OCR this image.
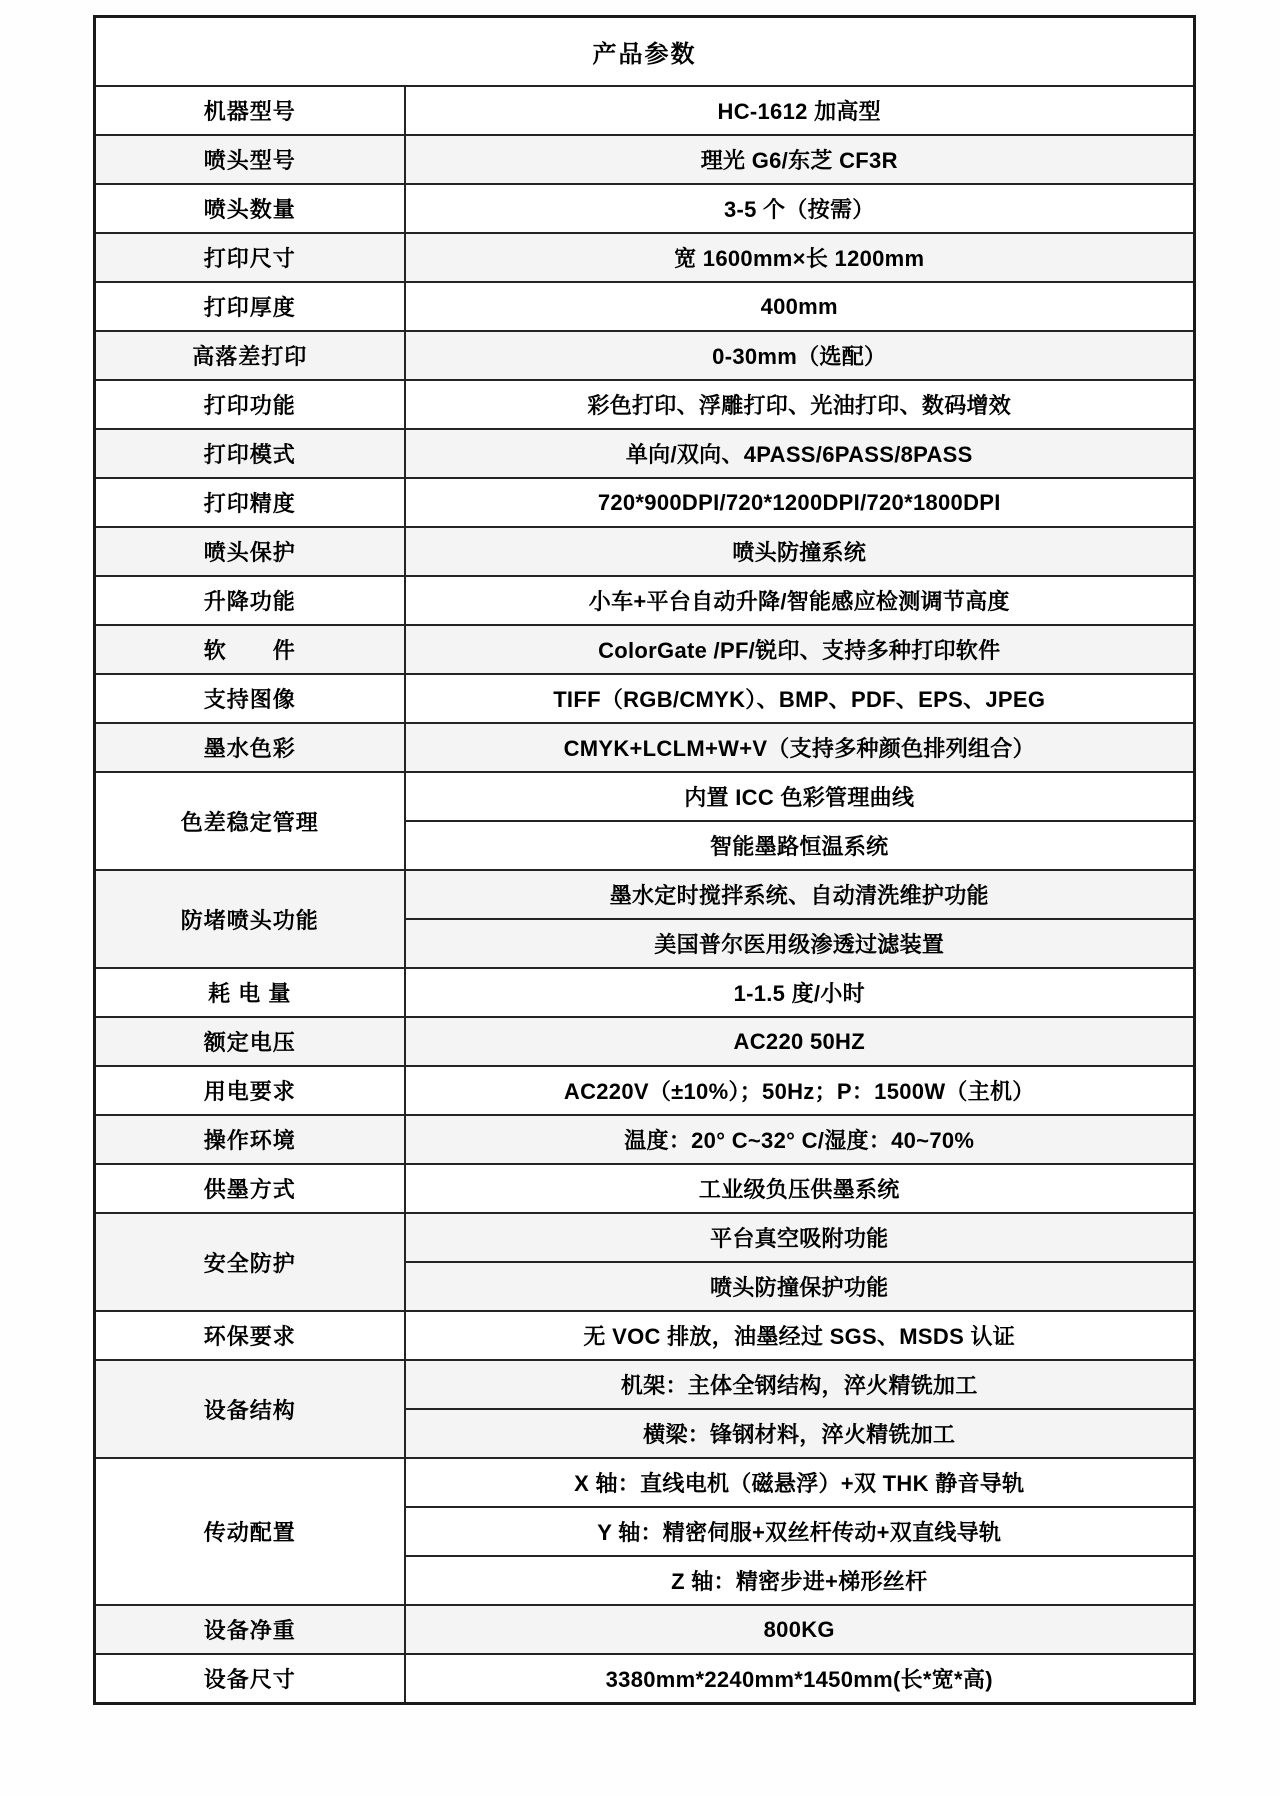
产品参数	
机器型号	HC-1612 加高型
喷头型号	理光 G6/东芝 CF3R
喷头数量	3-5 个（按需）
打印尺寸	宽 1600mm×长 1200mm
打印厚度	400mm
高落差打印	0-30mm（选配）
打印功能	彩色打印、浮雕打印、光油打印、数码增效
打印模式	单向/双向、4PASS/6PASS/8PASS
打印精度	720*900DPI/720*1200DPI/720*1800DPI
喷头保护	喷头防撞系统
升降功能	小车+平台自动升降/智能感应检测调节高度
软　　件	ColorGate /PF/锐印、支持多种打印软件
支持图像	TIFF（RGB/CMYK）、BMP、PDF、EPS、JPEG
墨水色彩	CMYK+LCLM+W+V（支持多种颜色排列组合）
色差稳定管理	内置 ICC 色彩管理曲线
	智能墨路恒温系统
防堵喷头功能	墨水定时搅拌系统、自动清洗维护功能
	美国普尔医用级渗透过滤装置
耗 电 量	1-1.5 度/小时
额定电压	AC220 50HZ
用电要求	AC220V（±10%）；50Hz；P：1500W（主机）
操作环境	温度：20° C~32° C/湿度：40~70%
供墨方式	工业级负压供墨系统
安全防护	平台真空吸附功能
	喷头防撞保护功能
环保要求	无 VOC 排放，油墨经过 SGS、MSDS 认证
设备结构	机架：主体全钢结构，淬火精铣加工
	横梁：锋钢材料，淬火精铣加工
传动配置	X 轴：直线电机（磁悬浮）+双 THK 静音导轨
	Y 轴：精密伺服+双丝杆传动+双直线导轨
	Z 轴：精密步进+梯形丝杆
设备净重	800KG
设备尺寸	3380mm*2240mm*1450mm(长*宽*高)
